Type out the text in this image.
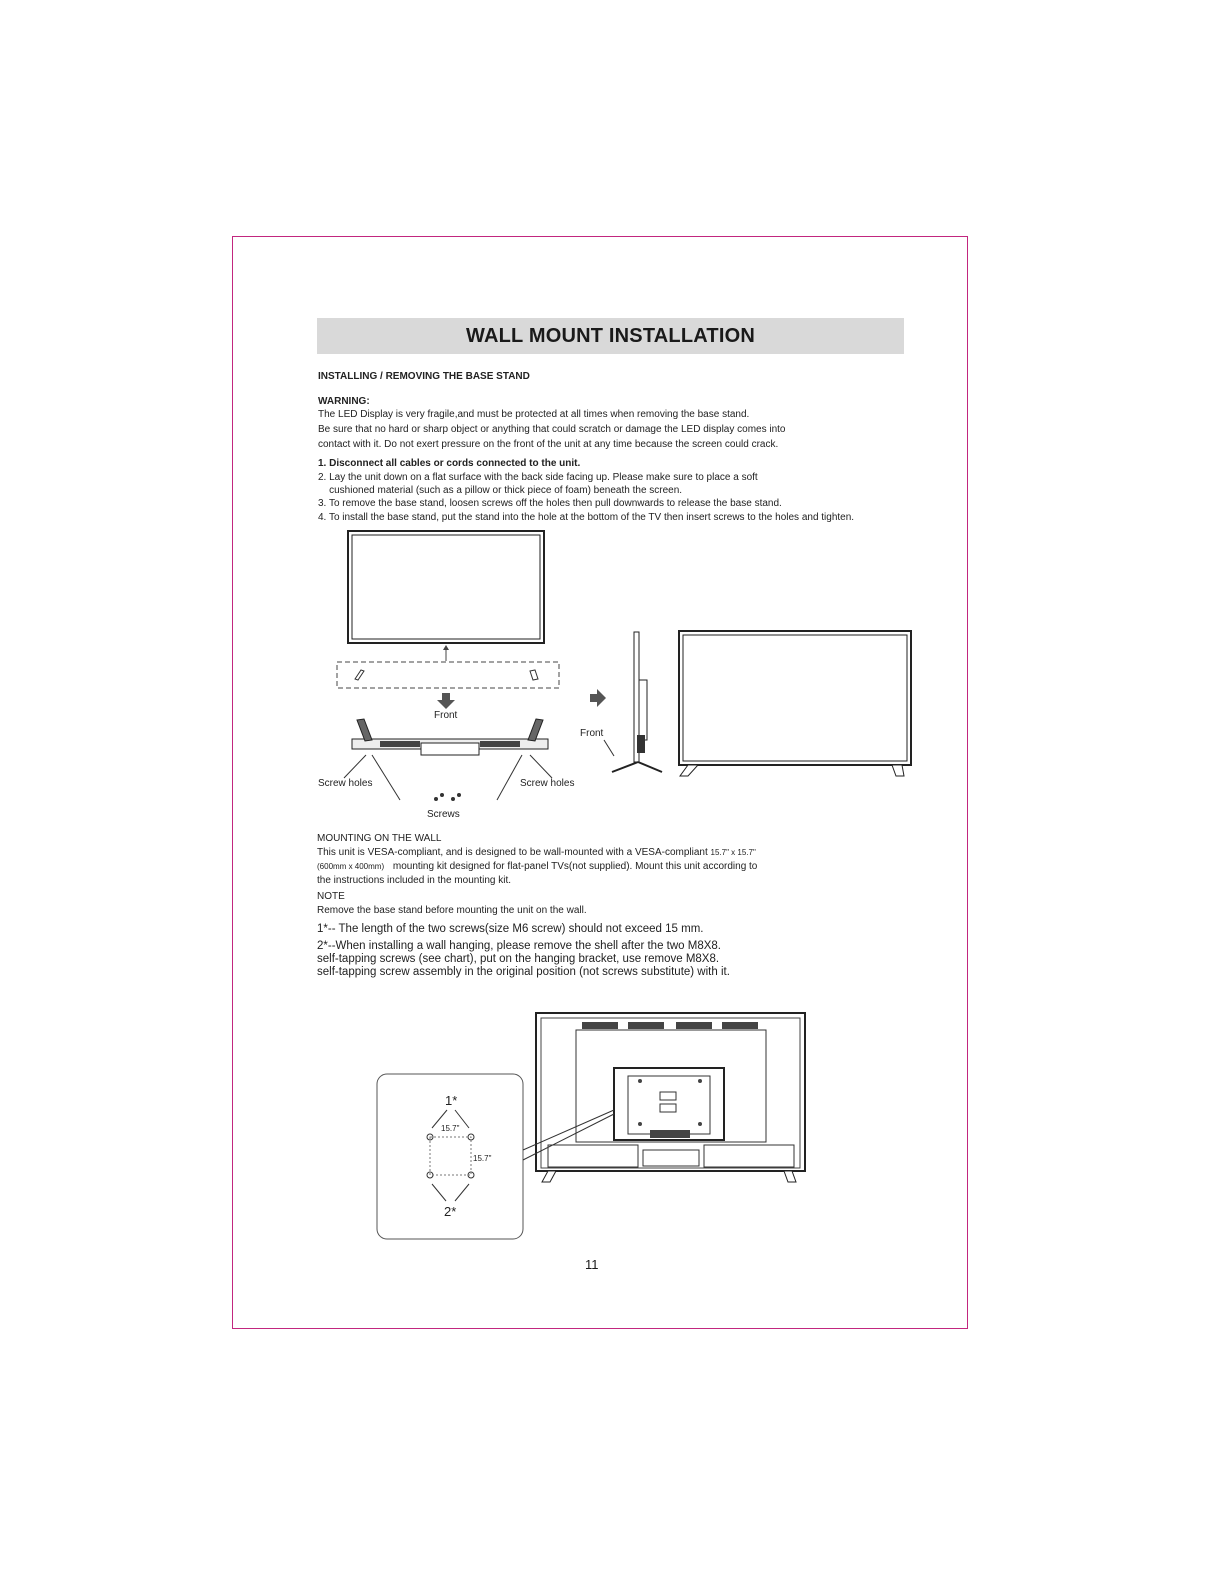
WALL MOUNT INSTALLATION
INSTALLING / REMOVING THE BASE STAND
WARNING:
The LED Display is very fragile,and must be protected at all times when removing the base stand.
Be sure that no hard or sharp object or anything that could scratch or damage the LED display comes into
contact with it. Do not exert pressure on the front of the unit at any time because the screen could crack.
1. Disconnect all cables or cords connected to the unit.
2. Lay the unit down on a flat surface with the back side facing up. Please make sure to place a soft
cushioned material (such as a pillow or thick piece of foam) beneath the screen.
3. To remove the base stand, loosen screws off the holes then pull downwards to release the base stand.
4. To install the base stand, put the stand into the hole at the bottom of the TV then insert screws to the holes and tighten.
Front
Screw holes	Screw holes
Screws
Front
MOUNTING ON THE WALL
This unit is VESA-compliant, and is designed to be wall-mounted with a VESA-compliant 15.7" x 15.7"
(600mm x 400mm) mounting kit designed for flat-panel TVs(not supplied). Mount this unit according to
the instructions included in the mounting kit.
NOTE
Remove the base stand before mounting the unit on the wall.
1*-- The length of the two screws(size M6 screw) should not exceed 15 mm.
2*--When installing a wall hanging, please remove the shell after the two M8X8.
self-tapping screws (see chart), put on the hanging bracket, use remove M8X8.
self-tapping screw assembly in the original position (not screws substitute) with it.
1*
15.7"
15.7"
2*
11
